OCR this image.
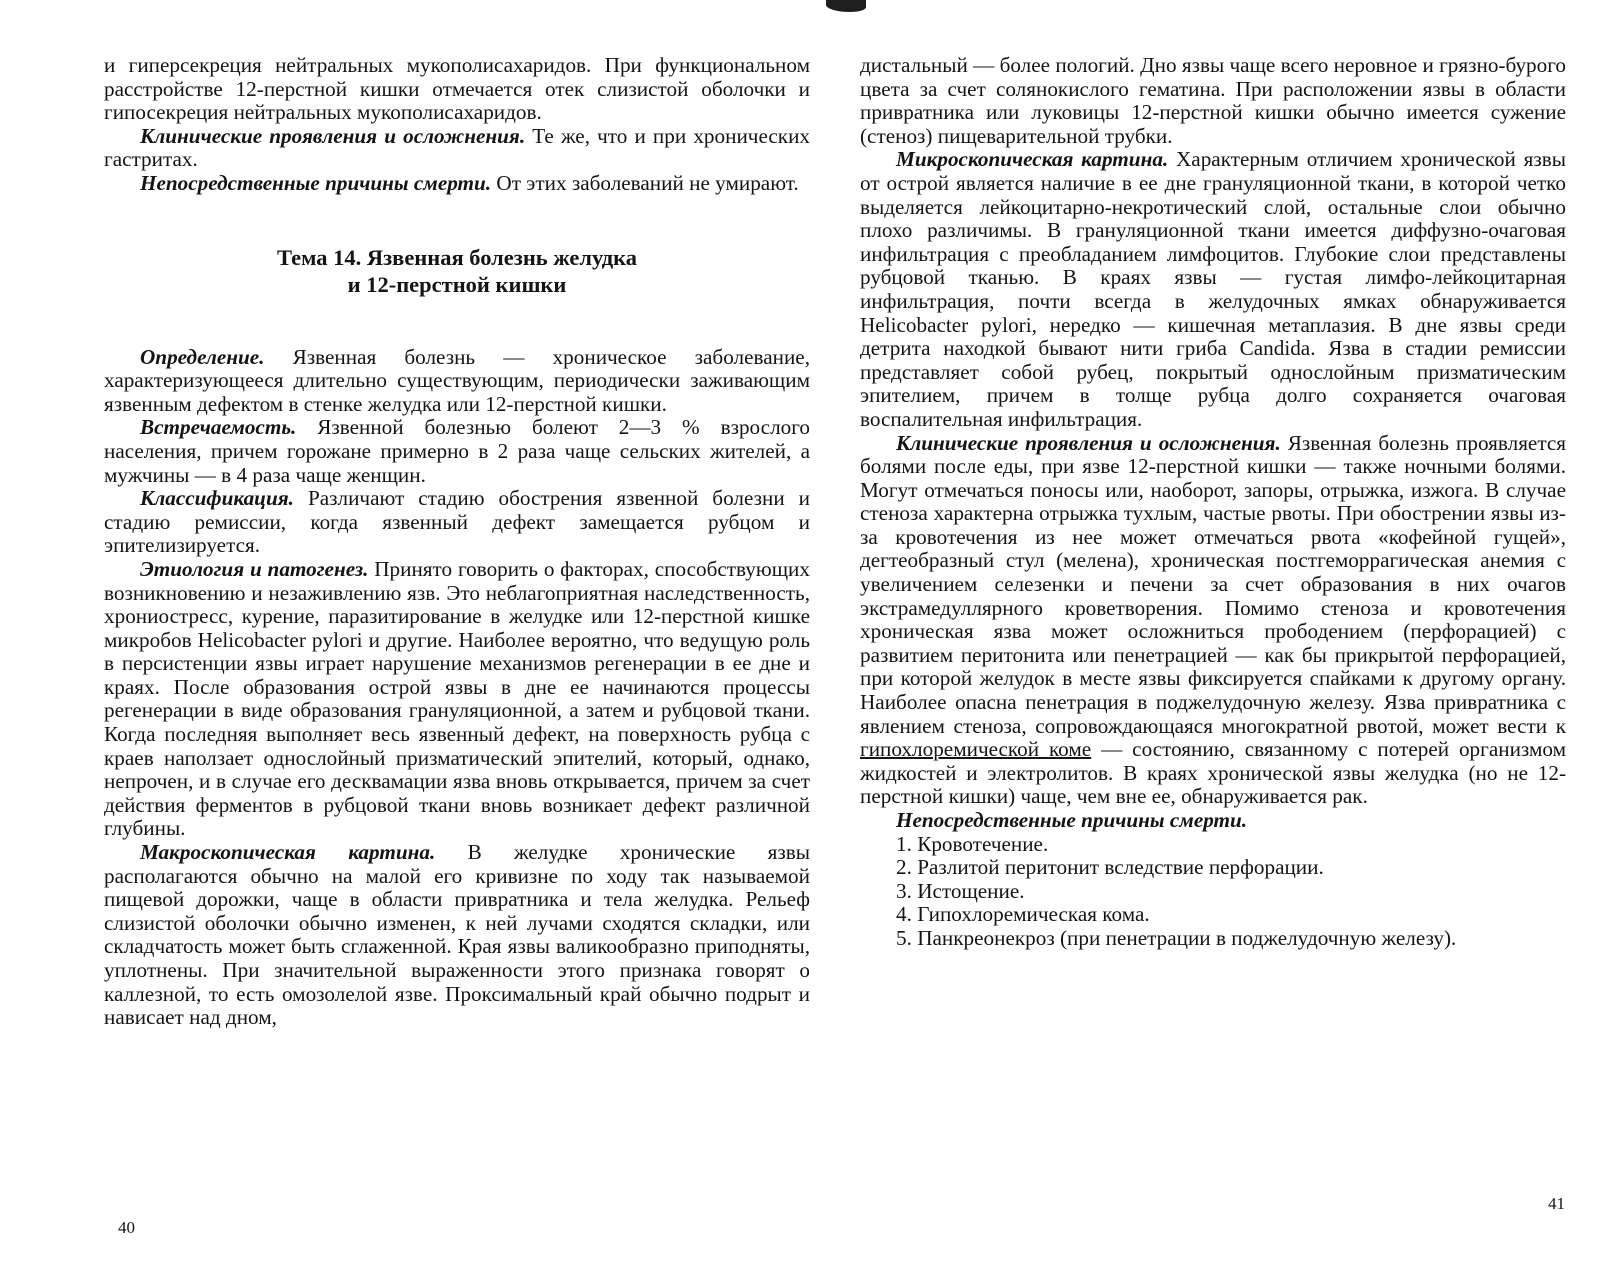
и гиперсекреция нейтральных мукополисахаридов. При функциональном расстройстве 12-перстной кишки отмечается отек слизистой оболочки и гипосекреция нейтральных мукополисахаридов.

Клинические проявления и осложнения. Те же, что и при хронических гастритах.

Непосредственные причины смерти. От этих заболеваний не умирают.

Тема 14. Язвенная болезнь желудка
и 12-перстной кишки

Определение. Язвенная болезнь — хроническое заболевание, характеризующееся длительно существующим, периодически заживающим язвенным дефектом в стенке желудка или 12-перстной кишки.

Встречаемость. Язвенной болезнью болеют 2—3 % взрослого населения, причем горожане примерно в 2 раза чаще сельских жителей, а мужчины — в 4 раза чаще женщин.

Классификация. Различают стадию обострения язвенной болезни и стадию ремиссии, когда язвенный дефект замещается рубцом и эпителизируется.

Этиология и патогенез. Принято говорить о факторах, способствующих возникновению и незаживлению язв. Это неблагоприятная наследственность, хрониостресс, курение, паразитирование в желудке или 12-перстной кишке микробов Helicobacter pylori и другие. Наиболее вероятно, что ведущую роль в персистенции язвы играет нарушение механизмов регенерации в ее дне и краях. После образования острой язвы в дне ее начинаются процессы регенерации в виде образования грануляционной, а затем и рубцовой ткани. Когда последняя выполняет весь язвенный дефект, на поверхность рубца с краев наползает однослойный призматический эпителий, который, однако, непрочен, и в случае его десквамации язва вновь открывается, причем за счет действия ферментов в рубцовой ткани вновь возникает дефект различной глубины.

Макроскопическая картина. В желудке хронические язвы располагаются обычно на малой его кривизне по ходу так называемой пищевой дорожки, чаще в области привратника и тела желудка. Рельеф слизистой оболочки обычно изменен, к ней лучами сходятся складки, или складчатость может быть сглаженной. Края язвы валикообразно приподняты, уплотнены. При значительной выраженности этого признака говорят о каллезной, то есть омозолелой язве. Проксимальный край обычно подрыт и нависает над дном,

40

дистальный — более пологий. Дно язвы чаще всего неровное и грязно-бурого цвета за счет солянокислого гематина. При расположении язвы в области привратника или луковицы 12-перстной кишки обычно имеется сужение (стеноз) пищеварительной трубки.

Микроскопическая картина. Характерным отличием хронической язвы от острой является наличие в ее дне грануляционной ткани, в которой четко выделяется лейкоцитарно-некротический слой, остальные слои обычно плохо различимы. В грануляционной ткани имеется диффузно-очаговая инфильтрация с преобладанием лимфоцитов. Глубокие слои представлены рубцовой тканью. В краях язвы — густая лимфо-лейкоцитарная инфильтрация, почти всегда в желудочных ямках обнаруживается Helicobacter pylori, нередко — кишечная метаплазия. В дне язвы среди детрита находкой бывают нити гриба Candida. Язва в стадии ремиссии представляет собой рубец, покрытый однослойным призматическим эпителием, причем в толще рубца долго сохраняется очаговая воспалительная инфильтрация.

Клинические проявления и осложнения. Язвенная болезнь проявляется болями после еды, при язве 12-перстной кишки — также ночными болями. Могут отмечаться поносы или, наоборот, запоры, отрыжка, изжога. В случае стеноза характерна отрыжка тухлым, частые рвоты. При обострении язвы из-за кровотечения из нее может отмечаться рвота «кофейной гущей», дегтеобразный стул (мелена), хроническая постгеморрагическая анемия с увеличением селезенки и печени за счет образования в них очагов экстрамедуллярного кроветворения. Помимо стеноза и кровотечения хроническая язва может осложниться прободением (перфорацией) с развитием перитонита или пенетрацией — как бы прикрытой перфорацией, при которой желудок в месте язвы фиксируется спайками к другому органу. Наиболее опасна пенетрация в поджелудочную железу. Язва привратника с явлением стеноза, сопровождающаяся многократной рвотой, может вести к гипохлоремической коме — состоянию, связанному с потерей организмом жидкостей и электролитов. В краях хронической язвы желудка (но не 12-перстной кишки) чаще, чем вне ее, обнаруживается рак.

Непосредственные причины смерти.

1. Кровотечение.

2. Разлитой перитонит вследствие перфорации.

3. Истощение.

4. Гипохлоремическая кома.

5. Панкреонекроз (при пенетрации в поджелудочную железу).

41
